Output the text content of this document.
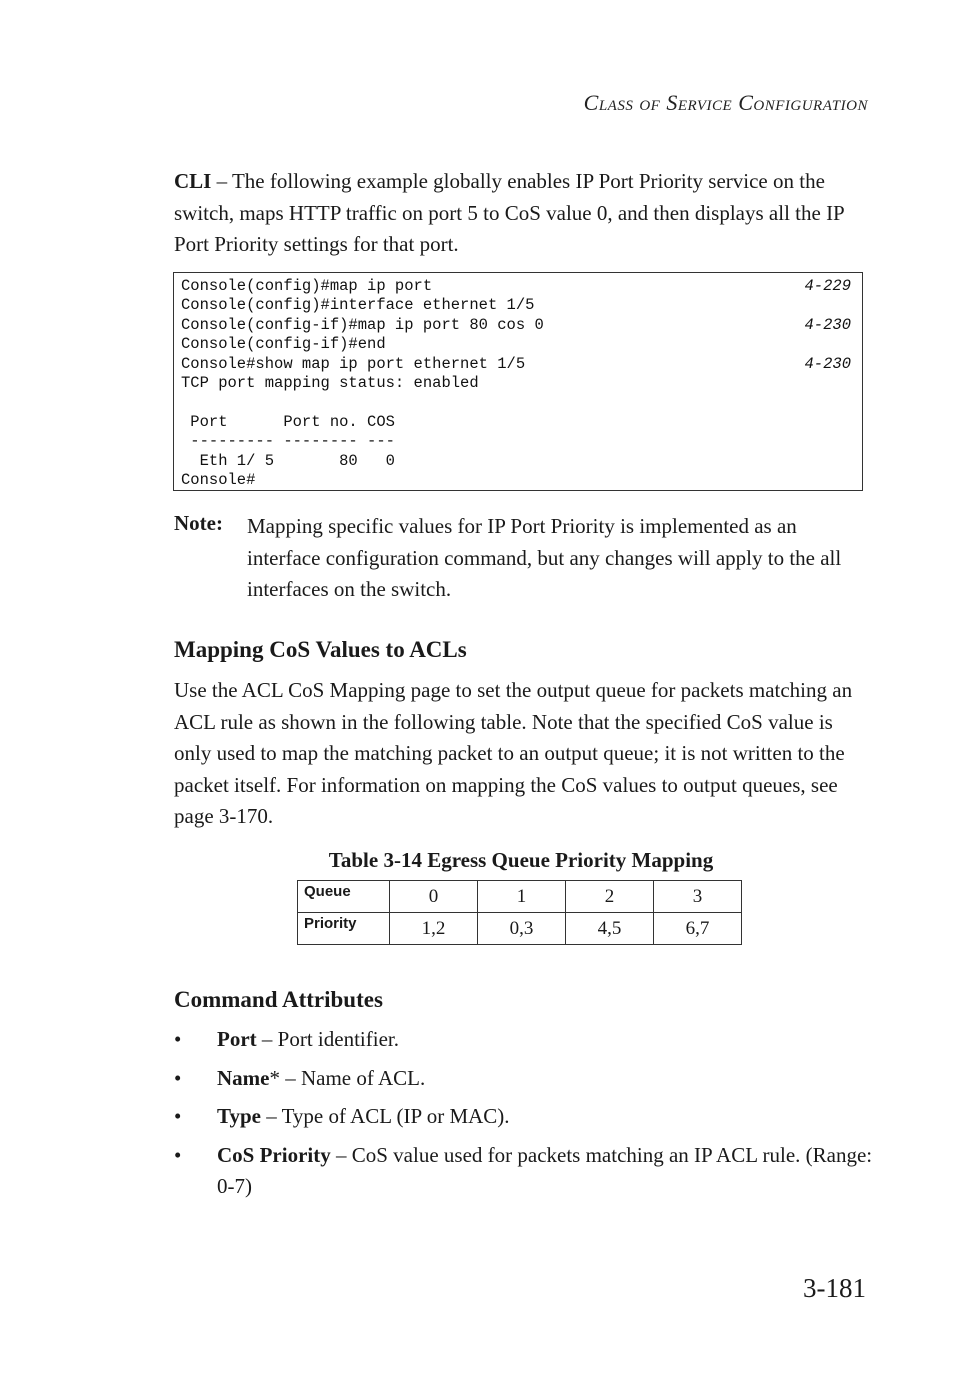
Class of Service Configuration
CLI – The following example globally enables IP Port Priority service on the switch, maps HTTP traffic on port 5 to CoS value 0, and then displays all the IP Port Priority settings for that port.
Console(config)#map ip port	4-229
Console(config)#interface ethernet 1/5
Console(config-if)#map ip port 80 cos 0	4-230
Console(config-if)#end
Console#show map ip port ethernet 1/5	4-230
TCP port mapping status: enabled

Port      Port no. COS
--------- -------- ---
Eth 1/ 5       80   0
Console#
Note: Mapping specific values for IP Port Priority is implemented as an interface configuration command, but any changes will apply to the all interfaces on the switch.
Mapping CoS Values to ACLs
Use the ACL CoS Mapping page to set the output queue for packets matching an ACL rule as shown in the following table. Note that the specified CoS value is only used to map the matching packet to an output queue; it is not written to the packet itself. For information on mapping the CoS values to output queues, see page 3-170.
Table 3-14 Egress Queue Priority Mapping
Queue	0	1	2	3
Priority	1,2	0,3	4,5	6,7
Command Attributes
• Port – Port identifier.
• Name* – Name of ACL.
• Type – Type of ACL (IP or MAC).
• CoS Priority – CoS value used for packets matching an IP ACL rule. (Range: 0-7)
3-181
